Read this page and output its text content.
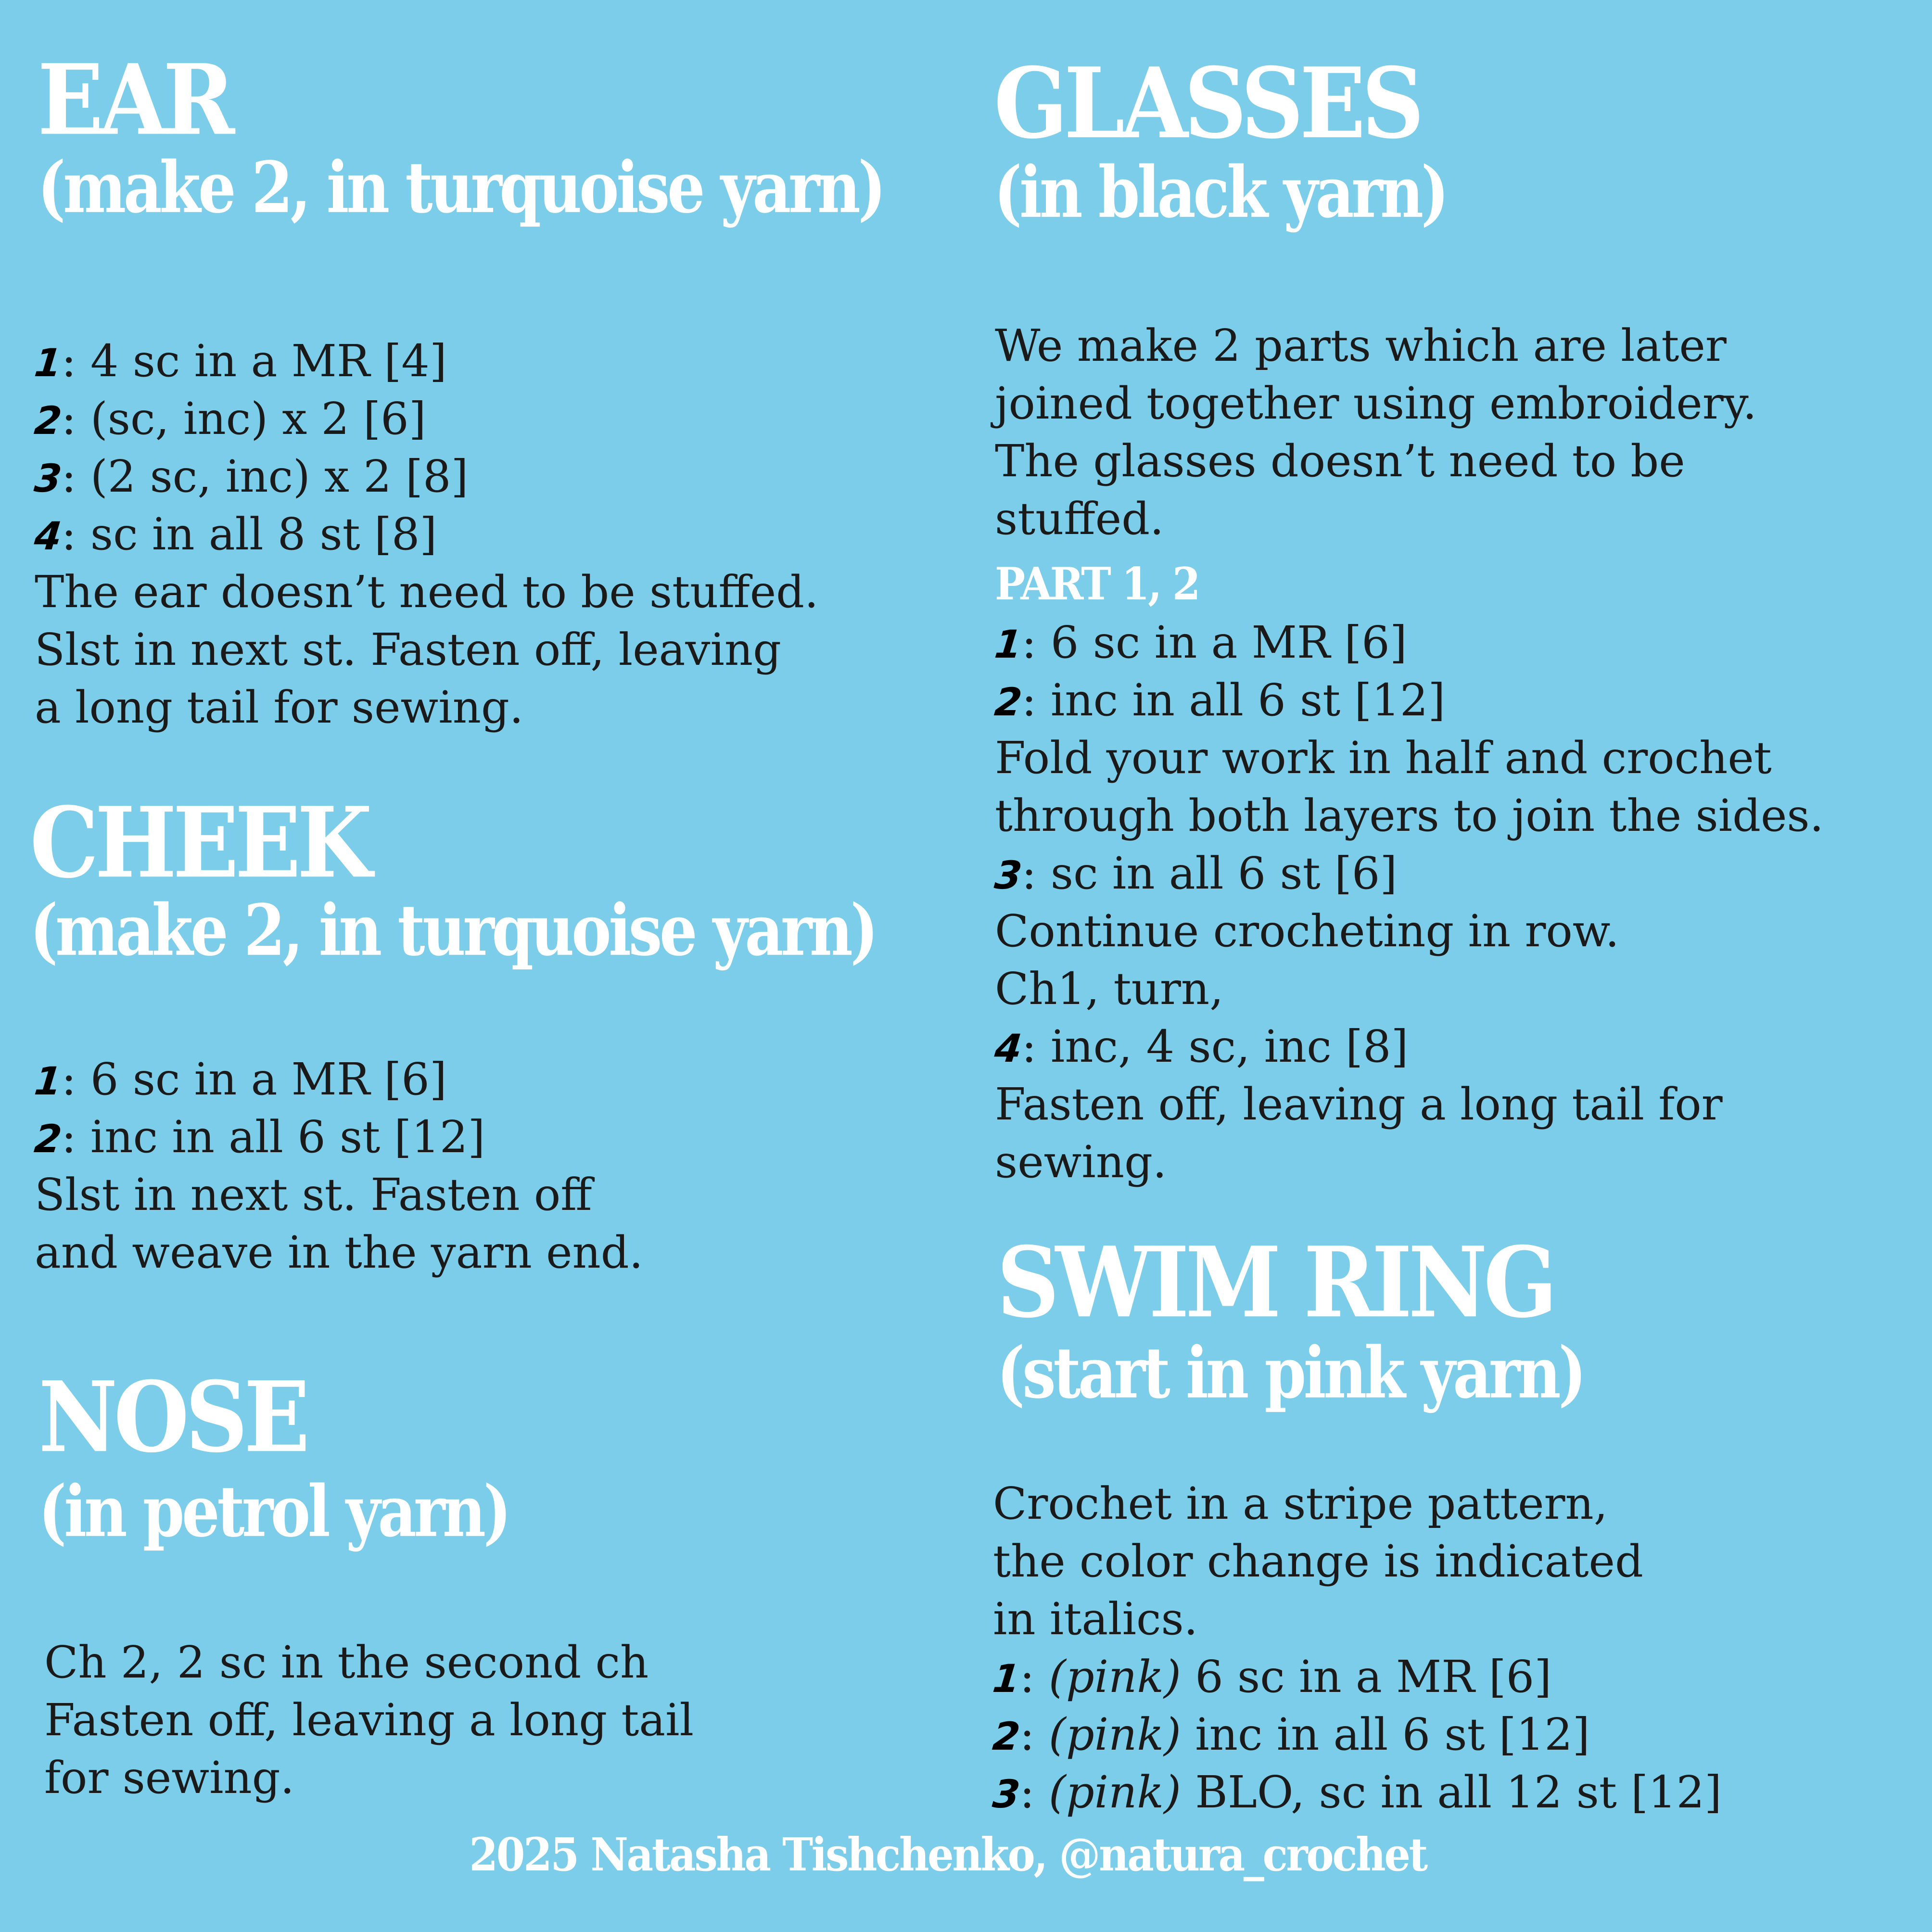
EAR
(make 2, in turquoise yarn)
1: 4 sc in a MR [4]
2: (sc, inc) x 2 [6]
3: (2 sc, inc) x 2 [8]
4: sc in all 8 st [8]
The ear doesn’t need to be stuffed.
Slst in next st. Fasten off, leaving
a long tail for sewing.
CHEEK
(make 2, in turquoise yarn)
1: 6 sc in a MR [6]
2: inc in all 6 st [12]
Slst in next st. Fasten off
and weave in the yarn end.
NOSE
(in petrol yarn)
Ch 2, 2 sc in the second ch
Fasten off, leaving a long tail
for sewing.
GLASSES
(in black yarn)
We make 2 parts which are later
joined together using embroidery.
The glasses doesn’t need to be
stuffed.
PART 1, 2
1: 6 sc in a MR [6]
2: inc in all 6 st [12]
Fold your work in half and crochet
through both layers to join the sides.
3: sc in all 6 st [6]
Continue crocheting in row.
Ch1, turn,
4: inc, 4 sc, inc [8]
Fasten off, leaving a long tail for
sewing.
SWIM RING
(start in pink yarn)
Crochet in a stripe pattern,
the color change is indicated
in italics.
1: (pink) 6 sc in a MR [6]
2: (pink) inc in all 6 st [12]
3: (pink) BLO, sc in all 12 st [12]
2025 Natasha Tishchenko, @natura_crochet
